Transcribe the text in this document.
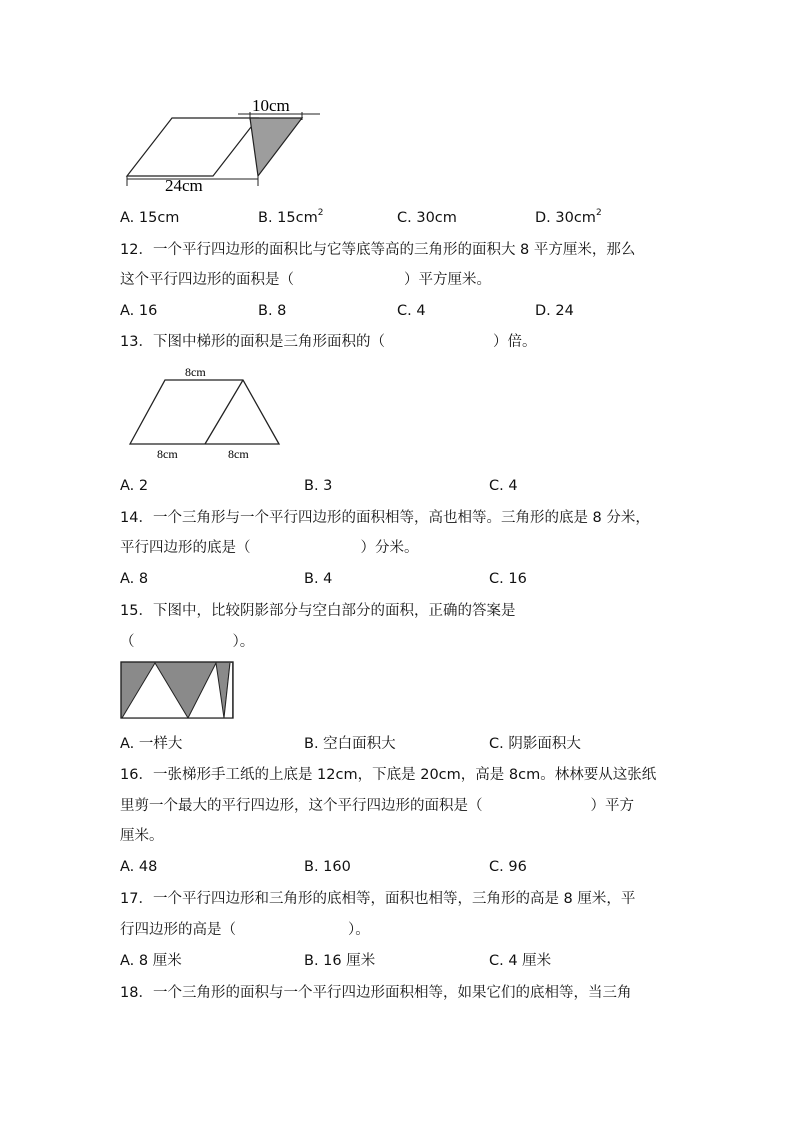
10cm
24cm
A. 15cm	B. $15cm^2$	C. 30cm	D. $30cm^2$
12．一个平行四边形的面积比与它等底等高的三角形的面积大 8 平方厘米，那么
这个平行四边形的面积是（	）平方厘米。
A. 16	B. 8	C. 4	D. 24
13．下图中梯形的面积是三角形面积的（	）倍。
8cm
8cm	8cm
A. 2	B. 3	C. 4
14．一个三角形与一个平行四边形的面积相等，高也相等。三角形的底是 8 分米，
平行四边形的底是（	）分米。
A. 8	B. 4	C. 16
15．下图中，比较阴影部分与空白部分的面积，正确的答案是
（	）。
A. 一样大	B. 空白面积大	C. 阴影面积大
16．一张梯形手工纸的上底是 12cm，下底是 20cm，高是 8cm。林林要从这张纸
里剪一个最大的平行四边形，这个平行四边形的面积是（	）平方
厘米。
A. 48	B. 160	C. 96
17．一个平行四边形和三角形的底相等，面积也相等，三角形的高是 8 厘米，平
行四边形的高是（	）。
A. 8 厘米	B. 16 厘米	C. 4 厘米
18．一个三角形的面积与一个平行四边形面积相等，如果它们的底相等，当三角
